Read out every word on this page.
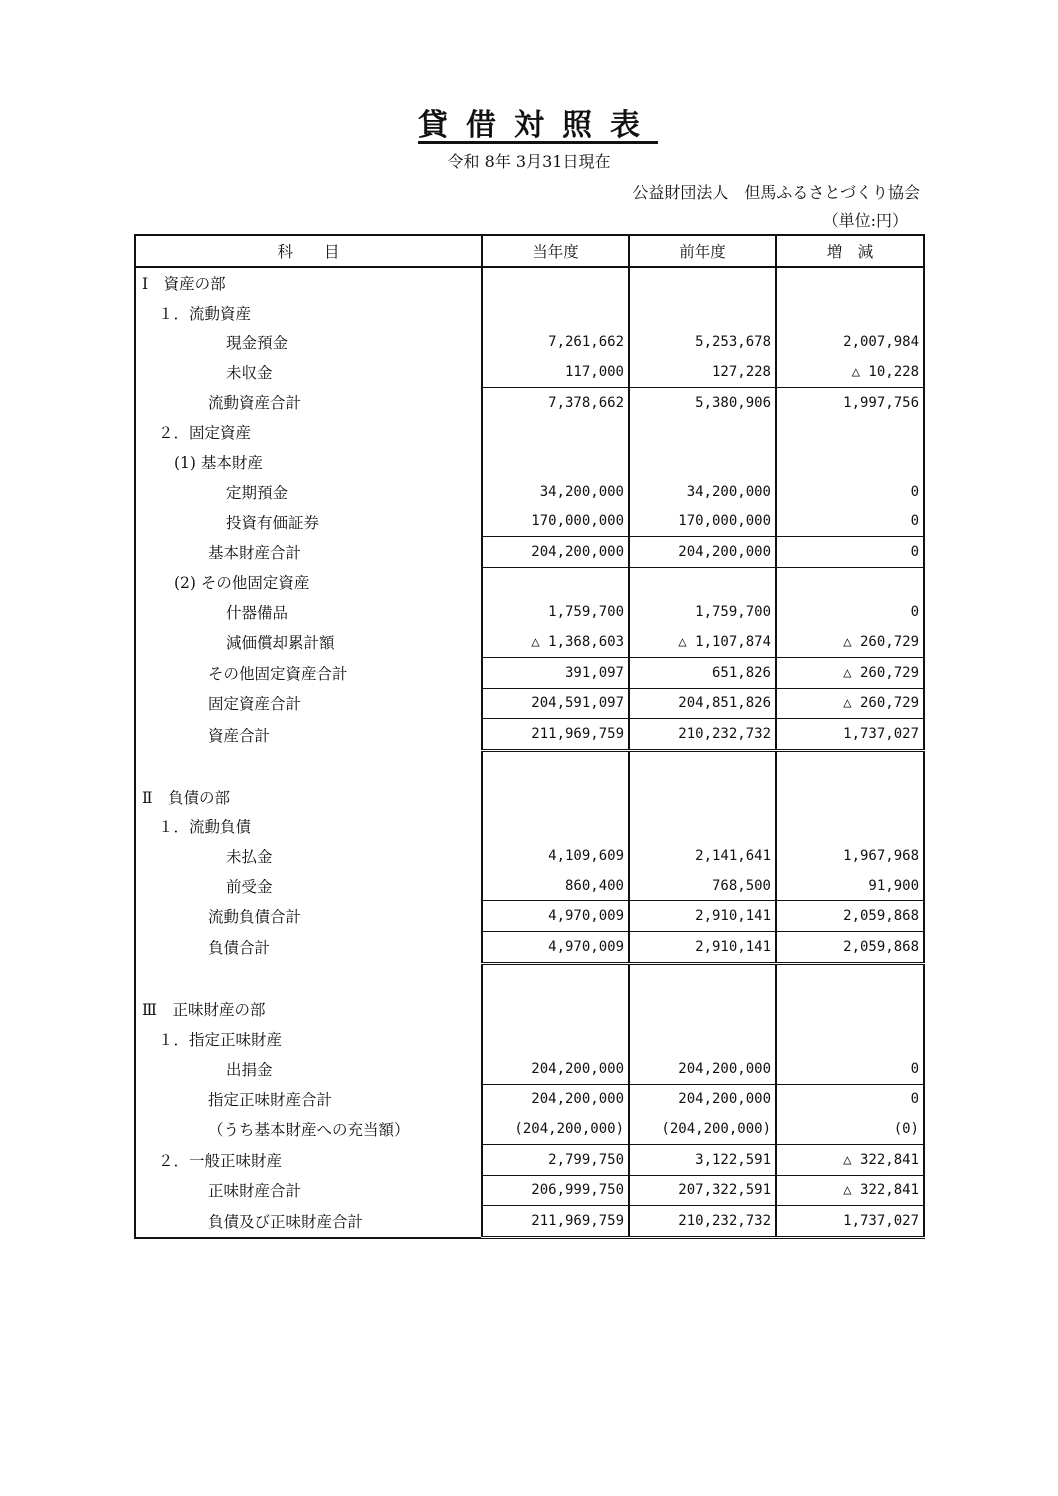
貸借対照表
令和 8年 3月31日現在
公益財団法人　但馬ふるさとづくり協会
（単位:円）
科　　目	当年度	前年度	増　減
Ⅰ　資産の部			
１．流動資産			
現金預金	7,261,662	5,253,678	2,007,984
未収金	117,000	127,228	△ 10,228
流動資産合計	7,378,662	5,380,906	1,997,756
２．固定資産			
(1) 基本財産			
定期預金	34,200,000	34,200,000	0
投資有価証券	170,000,000	170,000,000	0
基本財産合計	204,200,000	204,200,000	0
(2) その他固定資産			
什器備品	1,759,700	1,759,700	0
減価償却累計額	△ 1,368,603	△ 1,107,874	△ 260,729
その他固定資産合計	391,097	651,826	△ 260,729
固定資産合計	204,591,097	204,851,826	△ 260,729
資産合計	211,969,759	210,232,732	1,737,027

Ⅱ　負債の部			
１．流動負債			
未払金	4,109,609	2,141,641	1,967,968
前受金	860,400	768,500	91,900
流動負債合計	4,970,009	2,910,141	2,059,868
負債合計	4,970,009	2,910,141	2,059,868

Ⅲ　正味財産の部			
１．指定正味財産			
出捐金	204,200,000	204,200,000	0
指定正味財産合計	204,200,000	204,200,000	0
（うち基本財産への充当額）	(204,200,000)	(204,200,000)	(0)
２．一般正味財産	2,799,750	3,122,591	△ 322,841
正味財産合計	206,999,750	207,322,591	△ 322,841
負債及び正味財産合計	211,969,759	210,232,732	1,737,027
